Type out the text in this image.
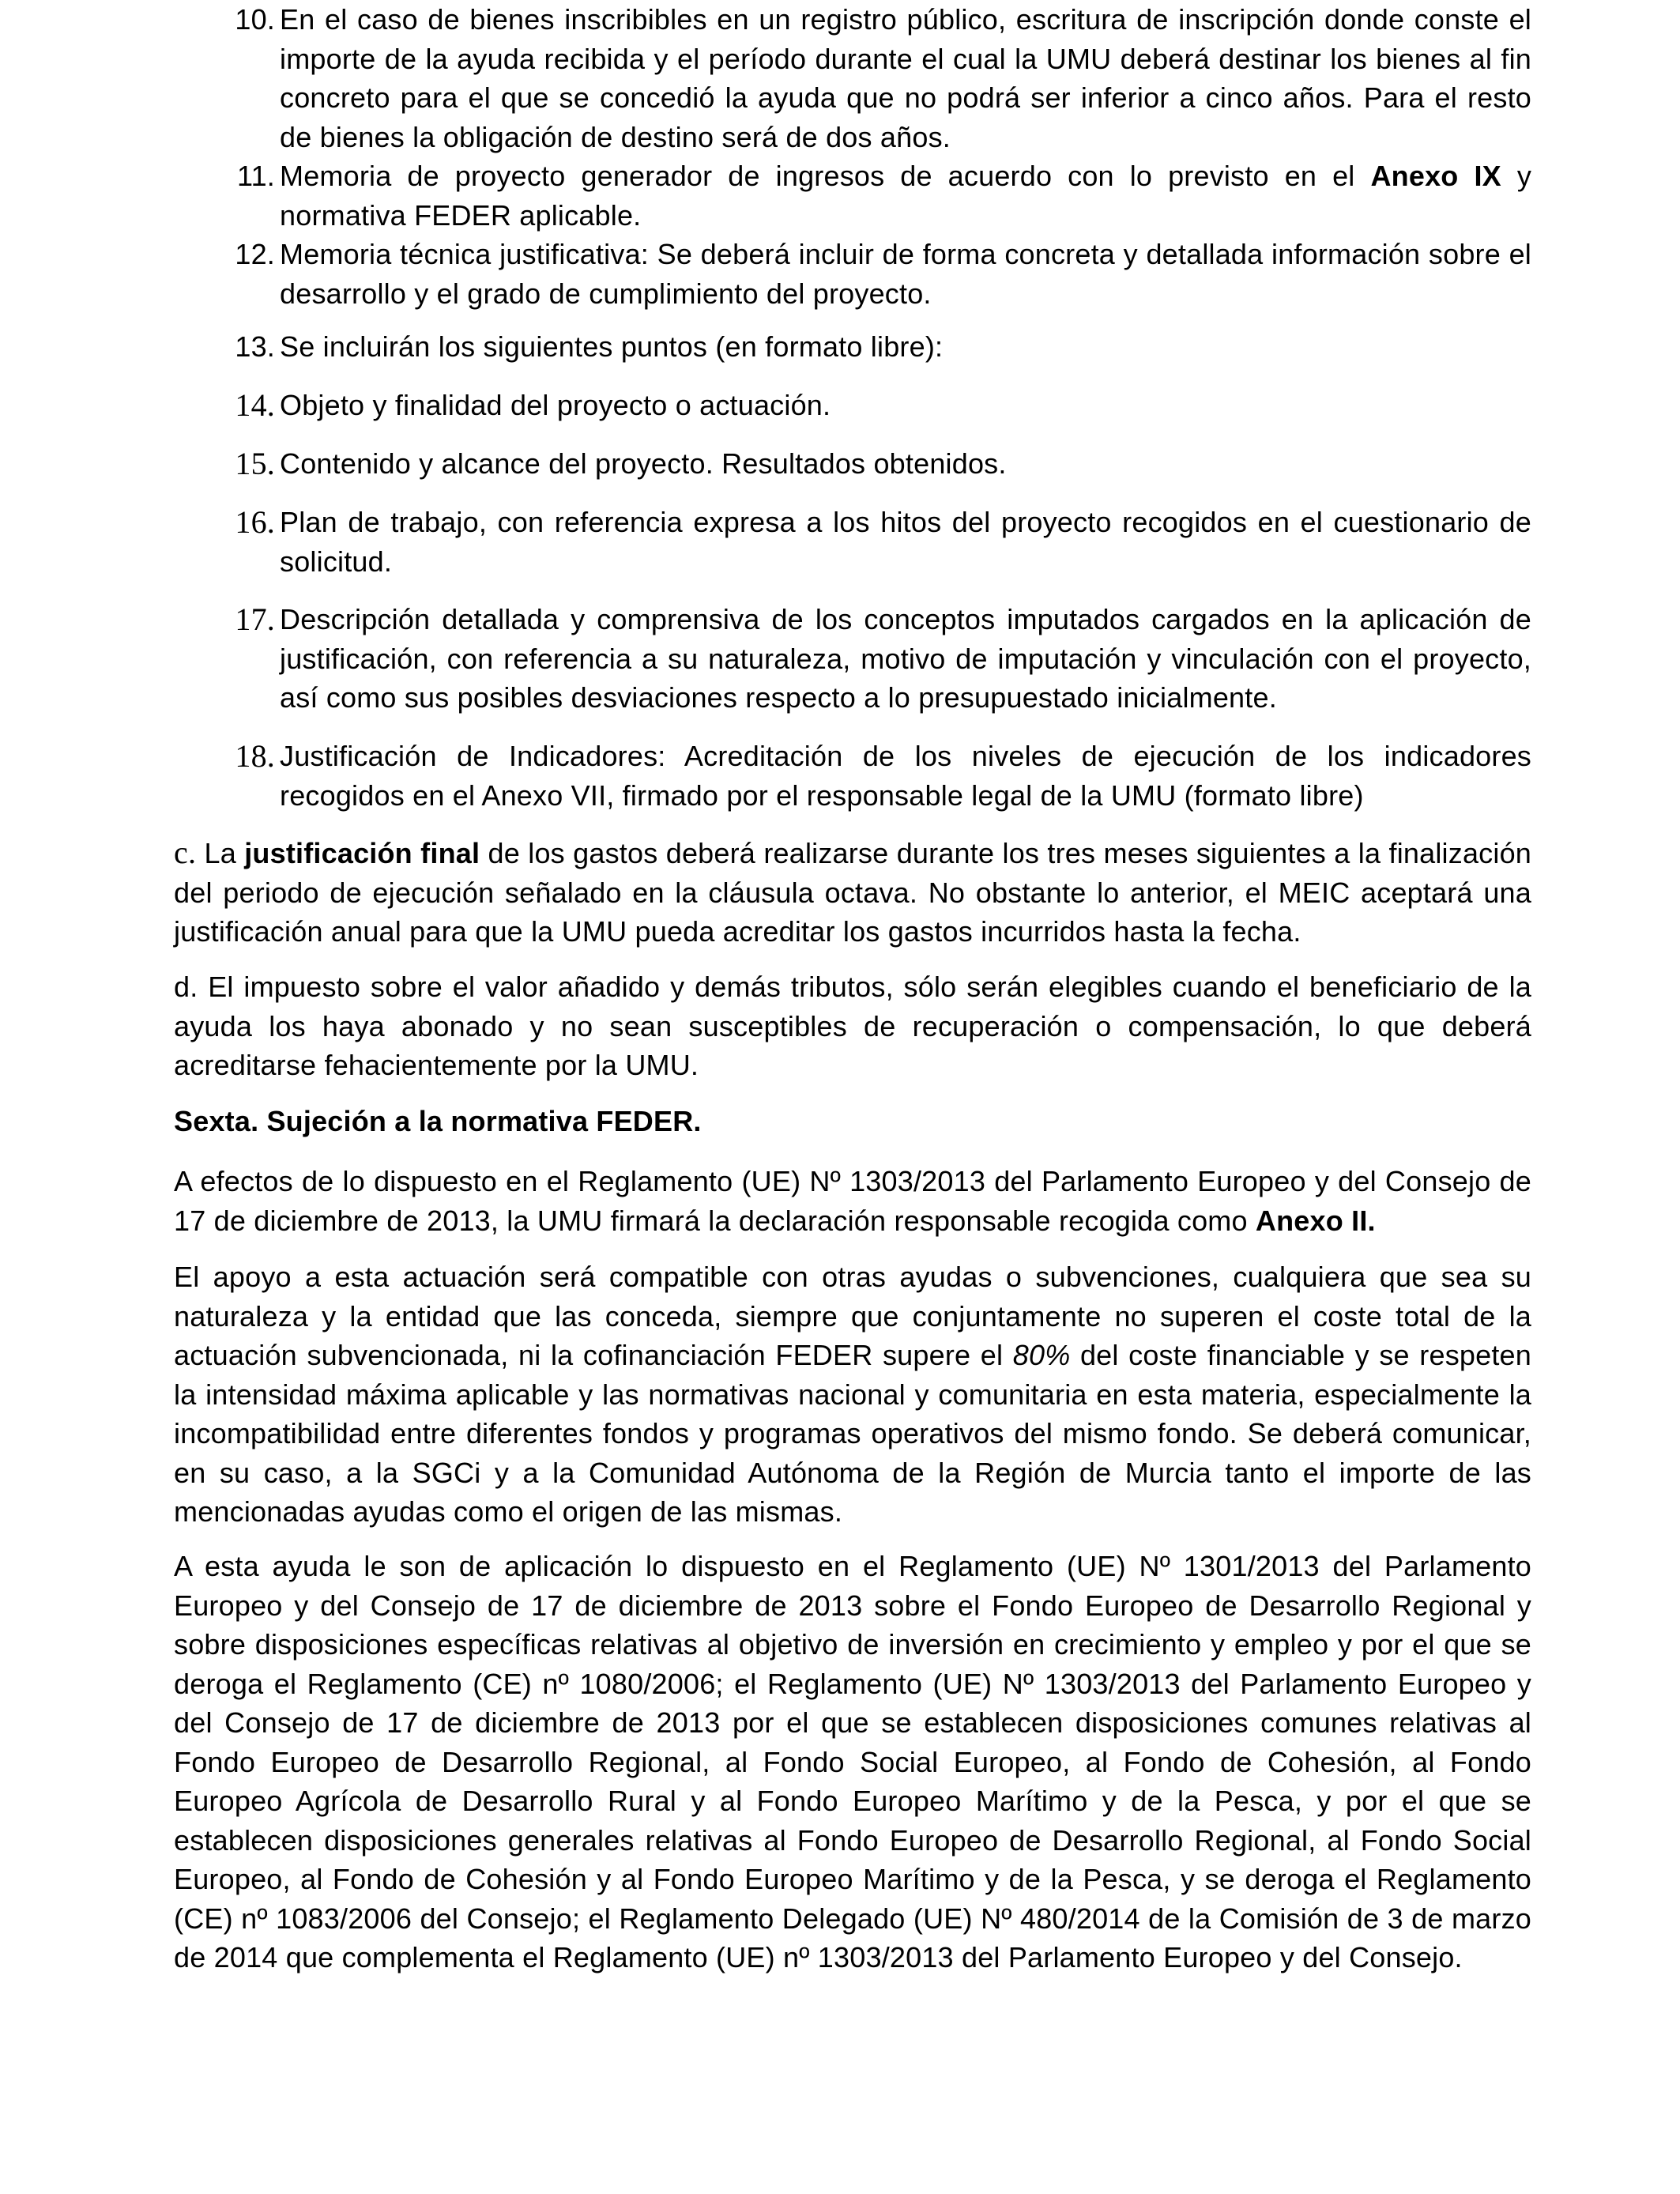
10. En el caso de bienes inscribibles en un registro público, escritura de inscripción donde conste el importe de la ayuda recibida y el período durante el cual la UMU deberá destinar los bienes al fin concreto para el que se concedió la ayuda que no podrá ser inferior a cinco años. Para el resto de bienes la obligación de destino será de dos años.
11. Memoria de proyecto generador de ingresos de acuerdo con lo previsto en el Anexo IX y normativa FEDER aplicable.
12. Memoria técnica justificativa: Se deberá incluir de forma concreta y detallada información sobre el desarrollo y el grado de cumplimiento del proyecto.
13. Se incluirán los siguientes puntos (en formato libre):
14. Objeto y finalidad del proyecto o actuación.
15. Contenido y alcance del proyecto. Resultados obtenidos.
16. Plan de trabajo, con referencia expresa a los hitos del proyecto recogidos en el cuestionario de solicitud.
17. Descripción detallada y comprensiva de los conceptos imputados cargados en la aplicación de justificación, con referencia a su naturaleza, motivo de imputación y vinculación con el proyecto, así como sus posibles desviaciones respecto a lo presupuestado inicialmente.
18. Justificación de Indicadores: Acreditación de los niveles de ejecución de los indicadores recogidos en el Anexo VII, firmado por el responsable legal de la UMU (formato libre)
c. La justificación final de los gastos deberá realizarse durante los tres meses siguientes a la finalización del periodo de ejecución señalado en la cláusula octava. No obstante lo anterior, el MEIC aceptará una justificación anual para que la UMU pueda acreditar los gastos incurridos hasta la fecha.
d. El impuesto sobre el valor añadido y demás tributos, sólo serán elegibles cuando el beneficiario de la ayuda los haya abonado y no sean susceptibles de recuperación o compensación, lo que deberá acreditarse fehacientemente por la UMU.
Sexta. Sujeción a la normativa FEDER.
A efectos de lo dispuesto en el Reglamento (UE) Nº 1303/2013 del Parlamento Europeo y del Consejo de 17 de diciembre de 2013, la UMU firmará la declaración responsable recogida como Anexo II.
El apoyo a esta actuación será compatible con otras ayudas o subvenciones, cualquiera que sea su naturaleza y la entidad que las conceda, siempre que conjuntamente no superen el coste total de la actuación subvencionada, ni la cofinanciación FEDER supere el 80% del coste financiable y se respeten la intensidad máxima aplicable y las normativas nacional y comunitaria en esta materia, especialmente la incompatibilidad entre diferentes fondos y programas operativos del mismo fondo. Se deberá comunicar, en su caso, a la SGCi y a la Comunidad Autónoma de la Región de Murcia tanto el importe de las mencionadas ayudas como el origen de las mismas.
A esta ayuda le son de aplicación lo dispuesto en el Reglamento (UE) Nº 1301/2013 del Parlamento Europeo y del Consejo de 17 de diciembre de 2013 sobre el Fondo Europeo de Desarrollo Regional y sobre disposiciones específicas relativas al objetivo de inversión en crecimiento y empleo y por el que se deroga el Reglamento (CE) nº 1080/2006; el Reglamento (UE) Nº 1303/2013 del Parlamento Europeo y del Consejo de 17 de diciembre de 2013 por el que se establecen disposiciones comunes relativas al Fondo Europeo de Desarrollo Regional, al Fondo Social Europeo, al Fondo de Cohesión, al Fondo Europeo Agrícola de Desarrollo Rural y al Fondo Europeo Marítimo y de la Pesca, y por el que se establecen disposiciones generales relativas al Fondo Europeo de Desarrollo Regional, al Fondo Social Europeo, al Fondo de Cohesión y al Fondo Europeo Marítimo y de la Pesca, y se deroga el Reglamento (CE) nº 1083/2006 del Consejo; el Reglamento Delegado (UE) Nº 480/2014 de la Comisión de 3 de marzo de 2014 que complementa el Reglamento (UE) nº 1303/2013 del Parlamento Europeo y del Consejo.
